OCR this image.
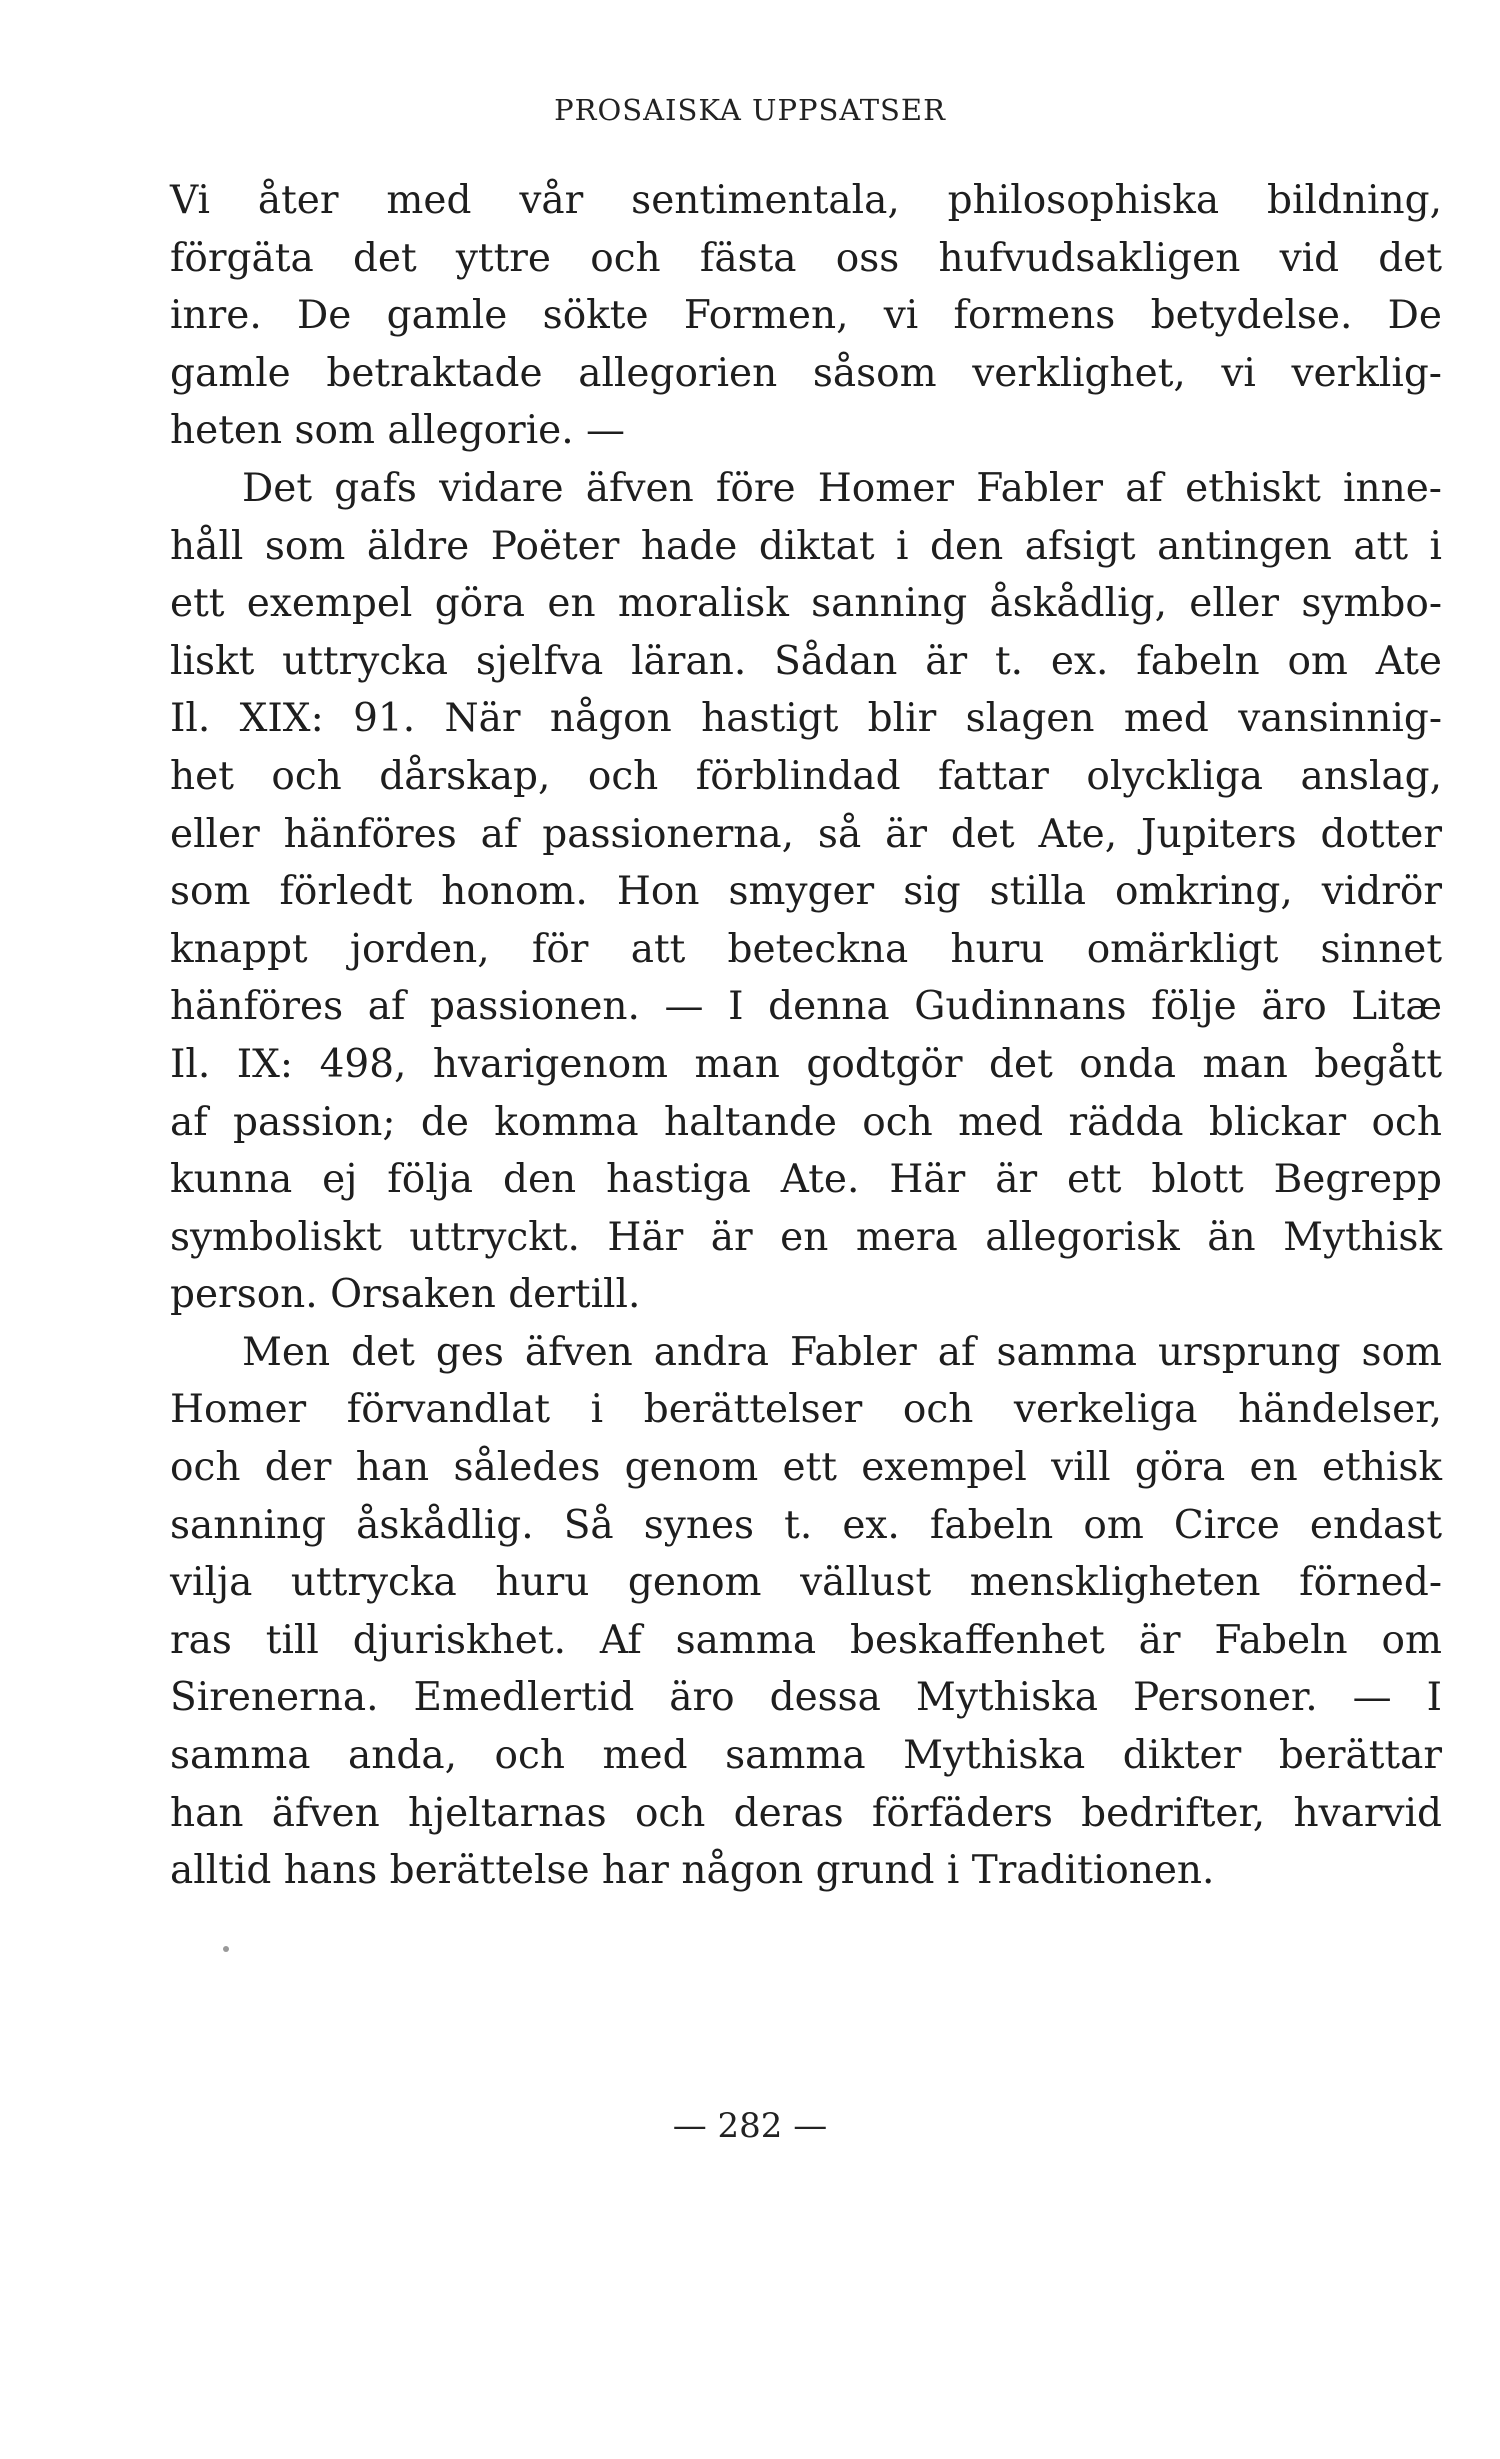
PROSAISKA UPPSATSER
Vi åter med vår sentimentala, philosophiska bildning,
förgäta det yttre och fästa oss hufvudsakligen vid det
inre. De gamle sökte Formen, vi formens betydelse. De
gamle betraktade allegorien såsom verklighet, vi verklig-
heten som allegorie. —
Det gafs vidare äfven före Homer Fabler af ethiskt inne-
håll som äldre Poëter hade diktat i den afsigt antingen att i
ett exempel göra en moralisk sanning åskådlig, eller symbo-
liskt uttrycka sjelfva läran. Sådan är t. ex. fabeln om Ate
Il. XIX: 91. När någon hastigt blir slagen med vansinnig-
het och dårskap, och förblindad fattar olyckliga anslag,
eller hänföres af passionerna, så är det Ate, Jupiters dotter
som förledt honom. Hon smyger sig stilla omkring, vidrör
knappt jorden, för att beteckna huru omärkligt sinnet
hänföres af passionen. — I denna Gudinnans följe äro Litæ
Il. IX: 498, hvarigenom man godtgör det onda man begått
af passion; de komma haltande och med rädda blickar och
kunna ej följa den hastiga Ate. Här är ett blott Begrepp
symboliskt uttryckt. Här är en mera allegorisk än Mythisk
person. Orsaken dertill.
Men det ges äfven andra Fabler af samma ursprung som
Homer förvandlat i berättelser och verkeliga händelser,
och der han således genom ett exempel vill göra en ethisk
sanning åskådlig. Så synes t. ex. fabeln om Circe endast
vilja uttrycka huru genom vällust menskligheten förned-
ras till djuriskhet. Af samma beskaffenhet är Fabeln om
Sirenerna. Emedlertid äro dessa Mythiska Personer. — I
samma anda, och med samma Mythiska dikter berättar
han äfven hjeltarnas och deras förfäders bedrifter, hvarvid
alltid hans berättelse har någon grund i Traditionen.
— 282 —
